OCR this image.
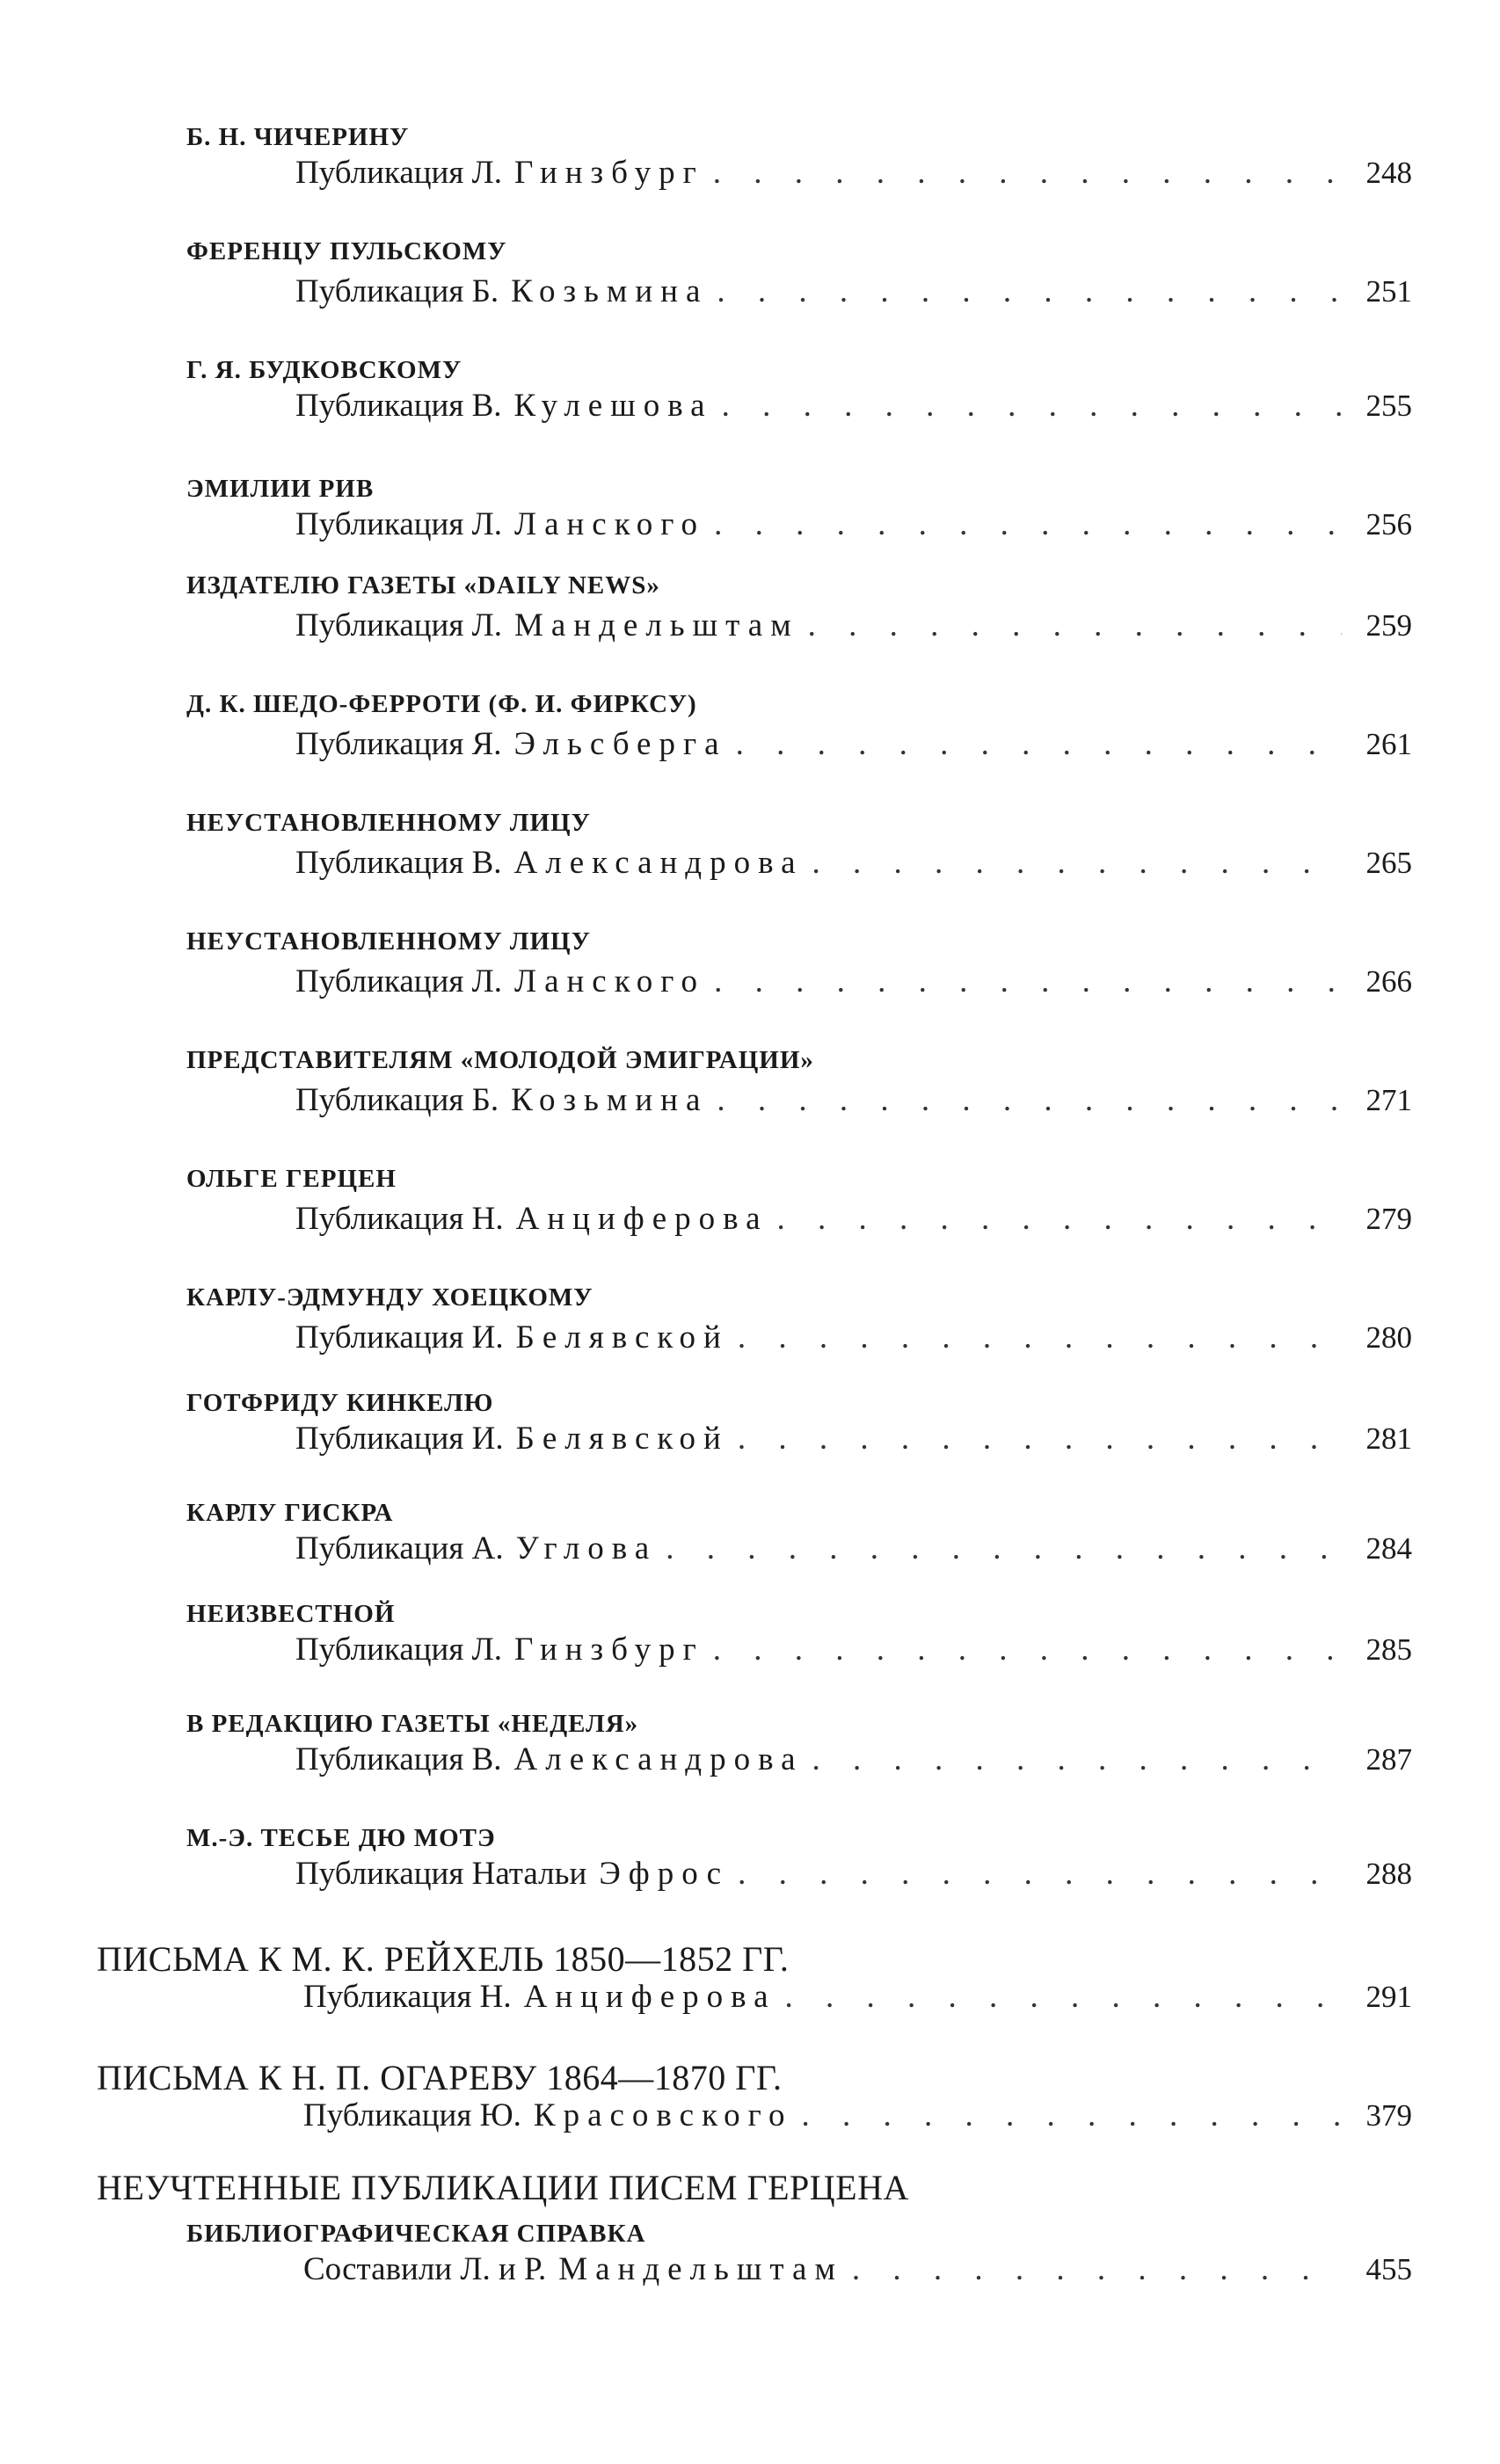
Б. Н. ЧИЧЕРИНУ
Публикация Л. Гинзбург . . .	248
ФЕРЕНЦУ ПУЛЬСКОМУ
Публикация Б. Козьмина . . .	251
Г. Я. БУДКОВСКОМУ
Публикация В. Кулешова . . .	255
ЭМИЛИИ РИВ
Публикация Л. Ланского . . .	256
ИЗДАТЕЛЮ ГАЗЕТЫ «DAILY NEWS»
Публикация Л. Мандельштам . . .	259
Д. К. ШЕДО-ФЕРРОТИ (Ф. И. ФИРКСУ)
Публикация Я. Эльсберга . . .	261
НЕУСТАНОВЛЕННОМУ ЛИЦУ
Публикация В. Александрова . . .	265
НЕУСТАНОВЛЕННОМУ ЛИЦУ
Публикация Л. Ланского . . .	266
ПРЕДСТАВИТЕЛЯМ «МОЛОДОЙ ЭМИГРАЦИИ»
Публикация Б. Козьмина . . .	271
ОЛЬГЕ ГЕРЦЕН
Публикация Н. Анциферова . . .	279
КАРЛУ-ЭДМУНДУ ХОЕЦКОМУ
Публикация И. Белявской . . .	280
ГОТФРИДУ КИНКЕЛЮ
Публикация И. Белявской . . .	281
КАРЛУ ГИСКРА
Публикация А. Углова . . .	284
НЕИЗВЕСТНОЙ
Публикация Л. Гинзбург . . .	285
В РЕДАКЦИЮ ГАЗЕТЫ «НЕДЕЛЯ»
Публикация В. Александрова . . .	287
М.-Э. ТЕСЬЕ ДЮ МОТЭ
Публикация Натальи Эфрос . . .	288
ПИСЬМА К М. К. РЕЙХЕЛЬ 1850—1852 ГГ.
Публикация Н. Анциферова . . .	291
ПИСЬМА К Н. П. ОГАРЕВУ 1864—1870 ГГ.
Публикация Ю. Красовского . . .	379
НЕУЧТЕННЫЕ ПУБЛИКАЦИИ ПИСЕМ ГЕРЦЕНА
БИБЛИОГРАФИЧЕСКАЯ СПРАВКА
Составили Л. и Р. Мандельштам . . .	455
